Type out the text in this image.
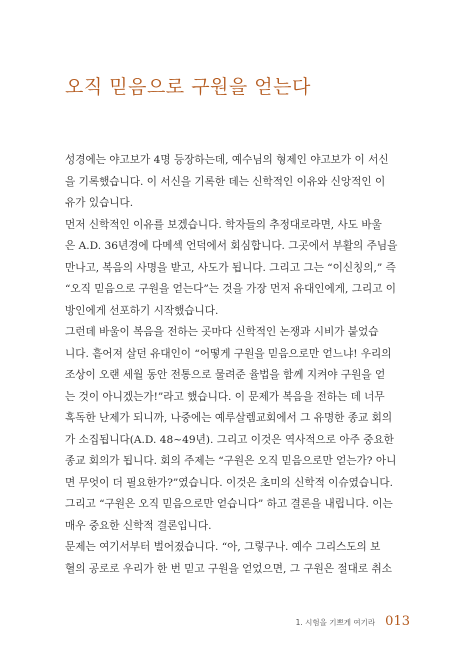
오직 믿음으로 구원을 얻는다
성경에는 야고보가 4명 등장하는데, 예수님의 형제인 야고보가 이 서신
을 기록했습니다. 이 서신을 기록한 데는 신학적인 이유와 신앙적인 이
유가 있습니다.
먼저 신학적인 이유를 보겠습니다. 학자들의 추정대로라면, 사도 바울
은 A.D. 36년경에 다메섹 언덕에서 회심합니다. 그곳에서 부활의 주님을
만나고, 복음의 사명을 받고, 사도가 됩니다. 그리고 그는 “이신칭의,” 즉
“오직 믿음으로 구원을 얻는다”는 것을 가장 먼저 유대인에게, 그리고 이
방인에게 선포하기 시작했습니다.
그런데 바울이 복음을 전하는 곳마다 신학적인 논쟁과 시비가 붙었습
니다. 흩어져 살던 유대인이 “어떻게 구원을 믿음으로만 얻느냐! 우리의
조상이 오랜 세월 동안 전통으로 물려준 율법을 함께 지켜야 구원을 얻
는 것이 아니겠는가!”라고 했습니다. 이 문제가 복음을 전하는 데 너무
혹독한 난제가 되니까, 나중에는 예루살렘교회에서 그 유명한 종교 회의
가 소집됩니다(A.D. 48~49년). 그리고 이것은 역사적으로 아주 중요한
종교 회의가 됩니다. 회의 주제는 “구원은 오직 믿음으로만 얻는가? 아니
면 무엇이 더 필요한가?”였습니다. 이것은 초미의 신학적 이슈였습니다.
그리고 “구원은 오직 믿음으로만 얻습니다” 하고 결론을 내립니다. 이는
매우 중요한 신학적 결론입니다.
문제는 여기서부터 벌어졌습니다. “아, 그렇구나. 예수 그리스도의 보
혈의 공로로 우리가 한 번 믿고 구원을 얻었으면, 그 구원은 절대로 취소
1. 시험을 기쁘게 여기라 013
